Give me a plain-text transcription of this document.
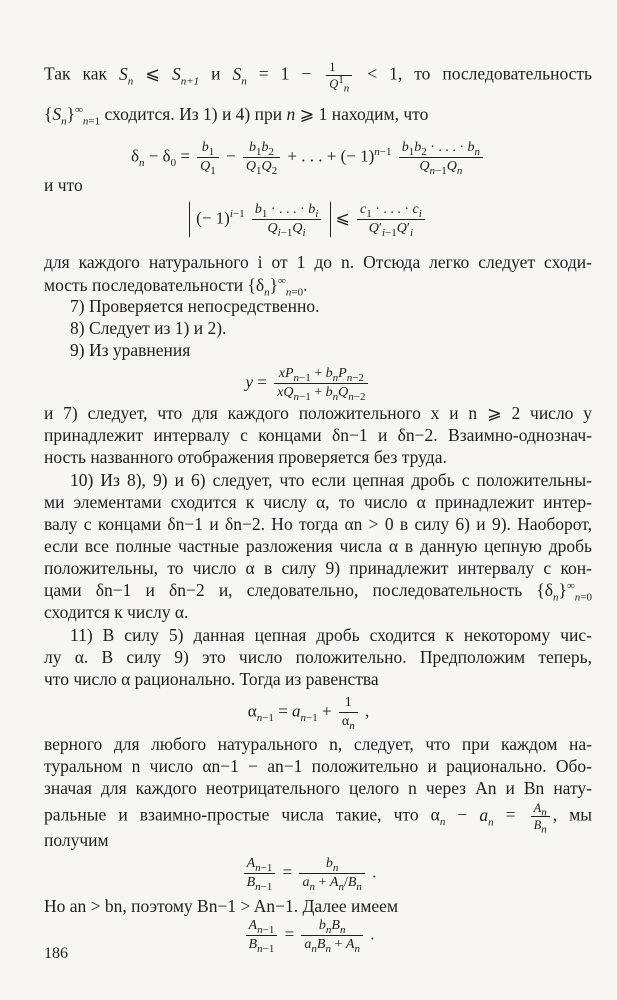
Так как $S_n$ ⩽ $S_{n+1}$ и $S_n = 1 - \frac{1}{Q^1_n} < 1$, то последовательность
$\{S_n\}^\infty_{n=1}$ сходится. Из 1) и 4) при n ⩾ 1 находим, что
$\delta_n - \delta_0 = \frac{b_1}{Q_1} - \frac{b_1b_2}{Q_1Q_2}$ + . . . + (− $1)^{n-1} \frac{b_1b_2 \cdot . . . \cdot b_n}{Q_{n-1}Q_n}$
и что
(− $1)^{i-1} \frac{b_1 \cdot . . . \cdot b_i}{Q_{i-1}Q_i}$ ⩽ $\frac{c_1 \cdot . . . \cdot c_i}{Q'_{i-1}Q'_i}$
для каждого натурального i от 1 до n. Отсюда легко следует сходи-
мость последовательности $\{\delta_n\}^\infty_{n=0}$.
7) Проверяется непосредственно.
8) Следует из 1) и 2).
9) Из уравнения
$y = \frac{xP_{n-1} + b_nP_{n-2}}{xQ_{n-1} + b_nQ_{n-2}}$
и 7) следует, что для каждого положительного x и n ⩾ 2 число y
принадлежит интервалу с концами δn−1 и δn−2. Взаимно-однознач-
ность названного отображения проверяется без труда.
10) Из 8), 9) и 6) следует, что если цепная дробь с положительны-
ми элементами сходится к числу α, то число α принадлежит интер-
валу с концами δn−1 и δn−2. Но тогда αn > 0 в силу 6) и 9). Наоборот,
если все полные частные разложения числа α в данную цепную дробь
положительны, то число α в силу 9) принадлежит интервалу с кон-
цами δn−1 и δn−2 и, следовательно, последовательность $\{\delta_n\}^\infty_{n=0}$
сходится к числу α.
11) В силу 5) данная цепная дробь сходится к некоторому чис-
лу α. В силу 9) это число положительно. Предположим теперь,
что число α рационально. Тогда из равенства
$\alpha_{n-1} = a_{n-1} + \frac{1}{\alpha_n}$ ,
верного для любого натурального n, следует, что при каждом на-
туральном n число αn−1 − an−1 положительно и рационально. Обо-
значая для каждого неотрицательного целого n через An и Bn нату-
ральные и взаимно-простые числа такие, что $\alpha_n - a_n = \frac{A_n}{B_n}$ , мы
получим
$\frac{A_{n-1}}{B_{n-1}} = \frac{b_n}{a_n + A_n/B_n}$ .
Но an > bn, поэтому Bn−1 > An−1. Далее имеем
$\frac{A_{n-1}}{B_{n-1}} = \frac{b_nB_n}{a_nB_n + A_n}$ .
186
